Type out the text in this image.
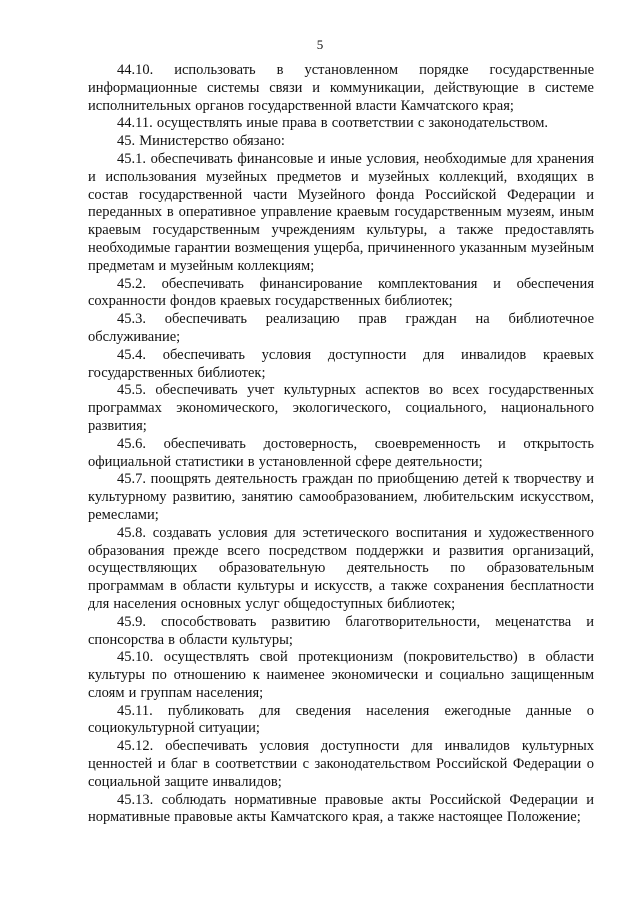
5

44.10. использовать в установленном порядке государственные информационные системы связи и коммуникации, действующие в системе исполнительных органов государственной власти Камчатского края;

44.11. осуществлять иные права в соответствии с законодательством.

45. Министерство обязано:

45.1. обеспечивать финансовые и иные условия, необходимые для хранения и использования музейных предметов и музейных коллекций, входящих в состав государственной части Музейного фонда Российской Федерации и переданных в оперативное управление краевым государственным музеям, иным краевым государственным учреждениям культуры, а также предоставлять необходимые гарантии возмещения ущерба, причиненного указанным музейным предметам и музейным коллекциям;

45.2. обеспечивать финансирование комплектования и обеспечения сохранности фондов краевых государственных библиотек;

45.3. обеспечивать реализацию прав граждан на библиотечное обслуживание;

45.4. обеспечивать условия доступности для инвалидов краевых государственных библиотек;

45.5. обеспечивать учет культурных аспектов во всех государственных программах экономического, экологического, социального, национального развития;

45.6. обеспечивать достоверность, своевременность и открытость официальной статистики в установленной сфере деятельности;

45.7. поощрять деятельность граждан по приобщению детей к творчеству и культурному развитию, занятию самообразованием, любительским искусством, ремеслами;

45.8. создавать условия для эстетического воспитания и художественного образования прежде всего посредством поддержки и развития организаций, осуществляющих образовательную деятельность по образовательным программам в области культуры и искусств, а также сохранения бесплатности для населения основных услуг общедоступных библиотек;

45.9. способствовать развитию благотворительности, меценатства и спонсорства в области культуры;

45.10. осуществлять свой протекционизм (покровительство) в области культуры по отношению к наименее экономически и социально защищенным слоям и группам населения;

45.11. публиковать для сведения населения ежегодные данные о социокультурной ситуации;

45.12. обеспечивать условия доступности для инвалидов культурных ценностей и благ в соответствии с законодательством Российской Федерации о социальной защите инвалидов;

45.13. соблюдать нормативные правовые акты Российской Федерации и нормативные правовые акты Камчатского края, а также настоящее Положение;
